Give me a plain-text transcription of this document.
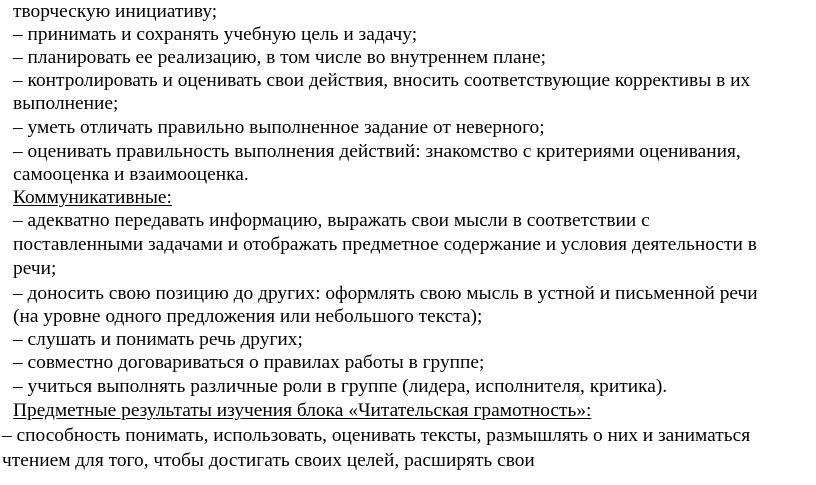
творческую инициативу;
– принимать и сохранять учебную цель и задачу;
– планировать ее реализацию, в том числе во внутреннем плане;
– контролировать и оценивать свои действия, вносить соответствующие коррективы в их
выполнение;
– уметь отличать правильно выполненное задание от неверного;
– оценивать правильность выполнения действий: знакомство с критериями оценивания,
самооценка и взаимооценка.
Коммуникативные:
– адекватно передавать информацию, выражать свои мысли в соответствии с
поставленными задачами и отображать предметное содержание и условия деятельности в
речи;
– доносить свою позицию до других: оформлять свою мысль в устной и письменной речи
(на уровне одного предложения или небольшого текста);
– слушать и понимать речь других;
– совместно договариваться о правилах работы в группе;
– учиться выполнять различные роли в группе (лидера, исполнителя, критика).
Предметные результаты изучения блока «Читательская грамотность»:
– способность понимать, использовать, оценивать тексты, размышлять о них и заниматься
чтением для того, чтобы достигать своих целей, расширять свои
